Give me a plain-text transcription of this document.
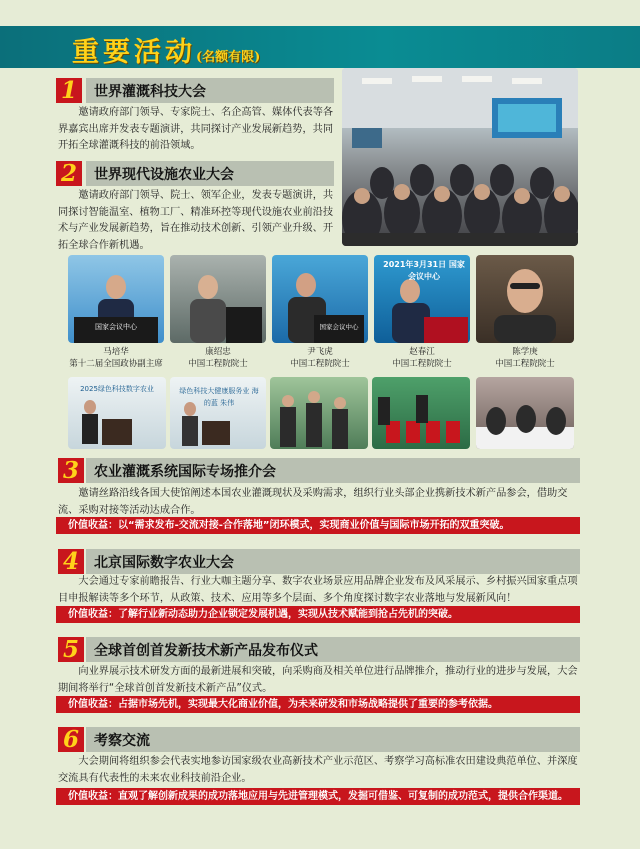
重要活动(名额有限)
1	世界灌溉科技大会
邀请政府部门领导、专家院士、名企高管、媒体代表等各界嘉宾出席并发表专题演讲，共同探讨产业发展新趋势，共同开拓全球灌溉科技的前沿领域。
2	世界现代设施农业大会
邀请政府部门领导、院士、领军企业，发表专题演讲，共同探讨智能温室、植物工厂、精准环控等现代设施农业前沿技术与产业发展新趋势，旨在推动技术创新、引领产业升级、开拓全球合作新机遇。
国家会议中心
马培华
第十二届全国政协副主席
康绍忠
中国工程院院士
国家会议中心
尹飞虎
中国工程院院士
2021年3月31日 国家会议中心
赵春江
中国工程院院士
陈学庚
中国工程院院士
2025绿色科技数字农业	绿色科技大健康服务业 海的蓝 朱伟
3	农业灌溉系统国际专场推介会
邀请丝路沿线各国大使馆阐述本国农业灌溉现状及采购需求，组织行业头部企业携新技术新产品参会，借助交流、采购对接等活动达成合作。
价值收益：以“需求发布-交流对接-合作落地”闭环模式，实现商业价值与国际市场开拓的双重突破。
4	北京国际数字农业大会
大会通过专家前瞻报告、行业大咖主题分享、数字农业场景应用品牌企业发布及风采展示、乡村振兴国家重点项目申报解读等多个环节，从政策、技术、应用等多个层面、多个角度探讨数字农业落地与发展新风向！
价值收益：了解行业新动态助力企业锁定发展机遇，实现从技术赋能到抢占先机的突破。
5	全球首创首发新技术新产品发布仪式
向业界展示技术研发方面的最新进展和突破，向采购商及相关单位进行品牌推介，推动行业的进步与发展，大会期间将举行“全球首创首发新技术新产品”仪式。
价值收益：占据市场先机，实现最大化商业价值，为未来研发和市场战略提供了重要的参考依据。
6	考察交流
大会期间将组织参会代表实地参访国家级农业高新技术产业示范区、考察学习高标准农田建设典范单位、并深度交流具有代表性的未来农业科技前沿企业。
价值收益：直观了解创新成果的成功落地应用与先进管理模式，发掘可借鉴、可复制的成功范式，提供合作渠道。
